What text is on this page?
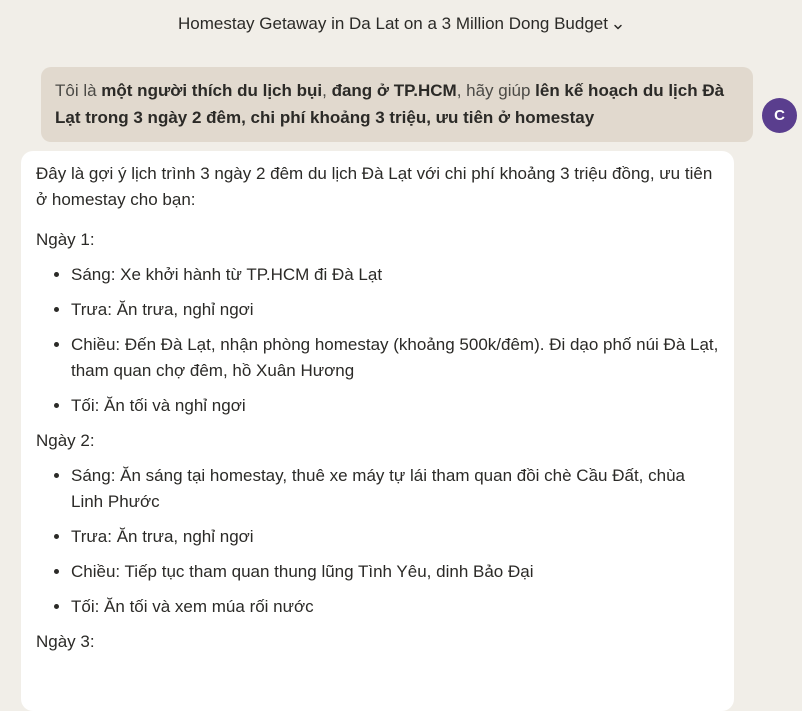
Homestay Getaway in Da Lat on a 3 Million Dong Budget
Tôi là một người thích du lịch bụi, đang ở TP.HCM, hãy giúp lên kế hoạch du lịch Đà Lạt trong 3 ngày 2 đêm, chi phí khoảng 3 triệu, ưu tiên ở homestay	C

Đây là gợi ý lịch trình 3 ngày 2 đêm du lịch Đà Lạt với chi phí khoảng 3 triệu đồng, ưu tiên ở homestay cho bạn:

Ngày 1:

• Sáng: Xe khởi hành từ TP.HCM đi Đà Lạt
• Trưa: Ăn trưa, nghỉ ngơi
• Chiều: Đến Đà Lạt, nhận phòng homestay (khoảng 500k/đêm). Đi dạo phố núi Đà Lạt, tham quan chợ đêm, hồ Xuân Hương
• Tối: Ăn tối và nghỉ ngơi

Ngày 2:

• Sáng: Ăn sáng tại homestay, thuê xe máy tự lái tham quan đồi chè Cầu Đất, chùa Linh Phước
• Trưa: Ăn trưa, nghỉ ngơi
• Chiều: Tiếp tục tham quan thung lũng Tình Yêu, dinh Bảo Đại
• Tối: Ăn tối và xem múa rối nước

Ngày 3:
